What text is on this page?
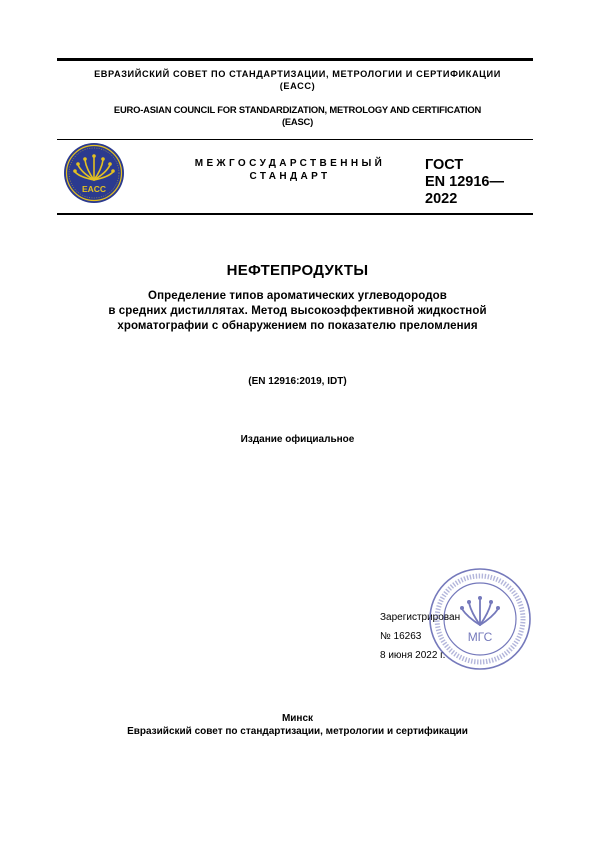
ЕВРАЗИЙСКИЙ СОВЕТ ПО СТАНДАРТИЗАЦИИ, МЕТРОЛОГИИ И СЕРТИФИКАЦИИ
(ЕАСС)
EURO-ASIAN COUNCIL FOR STANDARDIZATION, METROLOGY AND CERTIFICATION
(EASC)
EACC
МЕЖГОСУДАРСТВЕННЫЙ
СТАНДАРТ
ГОСТ
EN 12916—
2022
НЕФТЕПРОДУКТЫ
Определение типов ароматических углеводородов
в средних дистиллятах. Метод высокоэффективной жидкостной
хроматографии с обнаружением по показателю преломления
(EN 12916:2019, IDT)
Издание официальное
Зарегистрирован
№ 16263
8 июня 2022 г.
МГС
Минск
Евразийский совет по стандартизации, метрологии и сертификации
